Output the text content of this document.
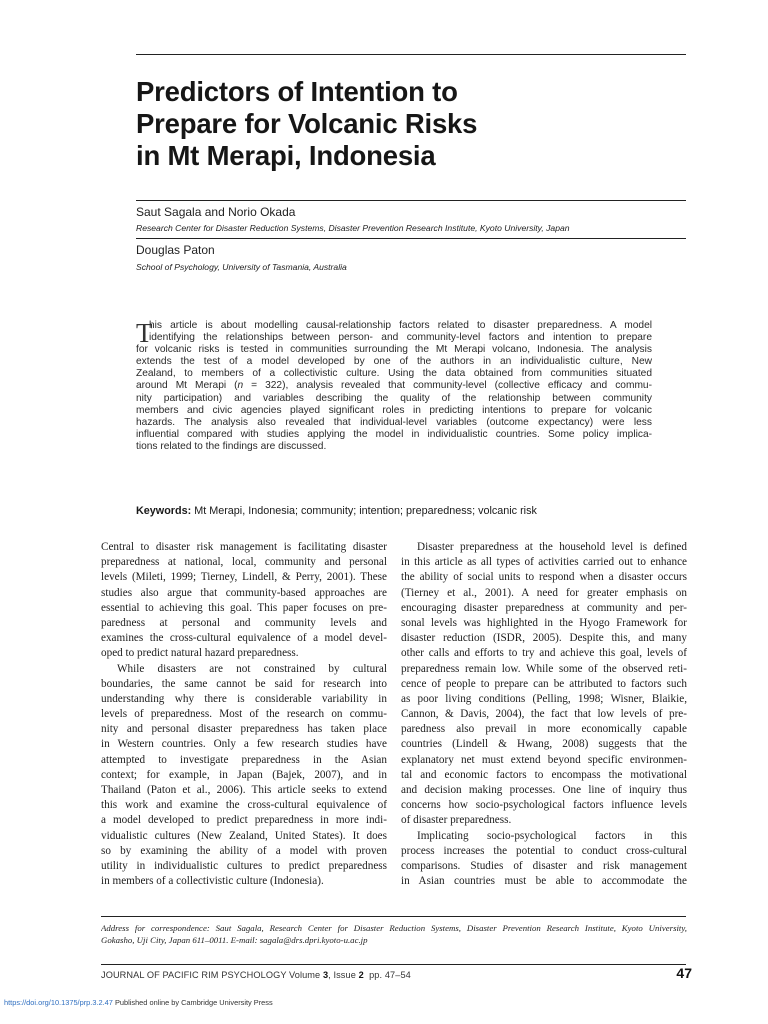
Predictors of Intention to
Prepare for Volcanic Risks
in Mt Merapi, Indonesia
Saut Sagala and Norio Okada
Research Center for Disaster Reduction Systems, Disaster Prevention Research Institute, Kyoto University, Japan
Douglas Paton
School of Psychology, University of Tasmania, Australia
T
his article is about modelling causal-relationship factors related to disaster preparedness. A model
identifying the relationships between person- and community-level factors and intention to prepare
for volcanic risks is tested in communities surrounding the Mt Merapi volcano, Indonesia. The analysis
extends the test of a model developed by one of the authors in an individualistic culture, New
Zealand, to members of a collectivistic culture. Using the data obtained from communities situated
around Mt Merapi (n = 322), analysis revealed that community-level (collective efficacy and commu-
nity participation) and variables describing the quality of the relationship between community
members and civic agencies played significant roles in predicting intentions to prepare for volcanic
hazards. The analysis also revealed that individual-level variables (outcome expectancy) were less
influential compared with studies applying the model in individualistic countries. Some policy implica-
tions related to the findings are discussed.
Keywords: Mt Merapi, Indonesia; community; intention; preparedness; volcanic risk
Central to disaster risk management is facilitating disaster
preparedness at national, local, community and personal
levels (Mileti, 1999; Tierney, Lindell, & Perry, 2001). These
studies also argue that community-based approaches are
essential to achieving this goal. This paper focuses on pre-
paredness at personal and community levels and
examines the cross-cultural equivalence of a model devel-
oped to predict natural hazard preparedness.
While disasters are not constrained by cultural
boundaries, the same cannot be said for research into
understanding why there is considerable variability in
levels of preparedness. Most of the research on commu-
nity and personal disaster preparedness has taken place
in Western countries. Only a few research studies have
attempted to investigate preparedness in the Asian
context; for example, in Japan (Bajek, 2007), and in
Thailand (Paton et al., 2006). This article seeks to extend
this work and examine the cross-cultural equivalence of
a model developed to predict preparedness in more indi-
vidualistic cultures (New Zealand, United States). It does
so by examining the ability of a model with proven
utility in individualistic cultures to predict preparedness
in members of a collectivistic culture (Indonesia).
Disaster preparedness at the household level is defined
in this article as all types of activities carried out to enhance
the ability of social units to respond when a disaster occurs
(Tierney et al., 2001). A need for greater emphasis on
encouraging disaster preparedness at community and per-
sonal levels was highlighted in the Hyogo Framework for
disaster reduction (ISDR, 2005). Despite this, and many
other calls and efforts to try and achieve this goal, levels of
preparedness remain low. While some of the observed reti-
cence of people to prepare can be attributed to factors such
as poor living conditions (Pelling, 1998; Wisner, Blaikie,
Cannon, & Davis, 2004), the fact that low levels of pre-
paredness also prevail in more economically capable
countries (Lindell & Hwang, 2008) suggests that the
explanatory net must extend beyond specific environmen-
tal and economic factors to encompass the motivational
and decision making processes. One line of inquiry thus
concerns how socio-psychological factors influence levels
of disaster preparedness.
Implicating socio-psychological factors in this
process increases the potential to conduct cross-cultural
comparisons. Studies of disaster and risk management
in Asian countries must be able to accommodate the
Address for correspondence: Saut Sagala, Research Center for Disaster Reduction Systems, Disaster Prevention Research Institute, Kyoto University,
Gokasho, Uji City, Japan 611–0011. E-mail: sagala@drs.dpri.kyoto-u.ac.jp
JOURNAL OF PACIFIC RIM PSYCHOLOGY Volume 3, Issue 2  pp. 47–54	47
https://doi.org/10.1375/prp.3.2.47 Published online by Cambridge University Press
